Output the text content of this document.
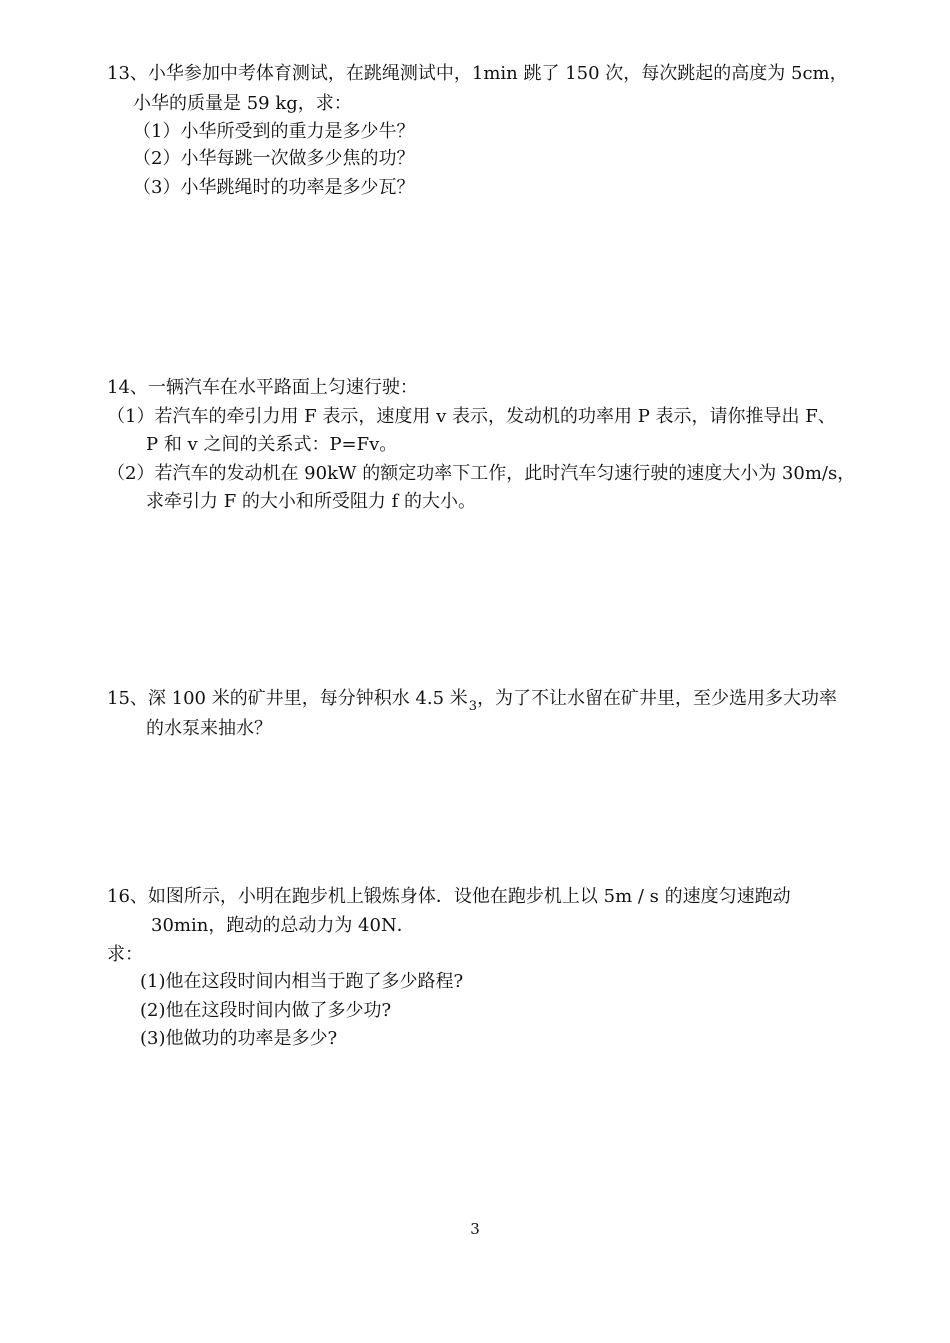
13、小华参加中考体育测试，在跳绳测试中，1min 跳了 150 次，每次跳起的高度为 5cm，
小华的质量是 59 kg，求：
（1）小华所受到的重力是多少牛？
（2）小华每跳一次做多少焦的功？
（3）小华跳绳时的功率是多少瓦？
14、一辆汽车在水平路面上匀速行驶：
（1）若汽车的牵引力用 F 表示，速度用 v 表示，发动机的功率用 P 表示，请你推导出 F、
P 和 v 之间的关系式：P=Fv。
（2）若汽车的发动机在 90kW 的额定功率下工作，此时汽车匀速行驶的速度大小为 30m/s，
求牵引力 F 的大小和所受阻力 f 的大小。
15、深 100 米的矿井里，每分钟积水 4.5 米$_3$，为了不让水留在矿井里，至少选用多大功率
的水泵来抽水？
16、如图所示，小明在跑步机上锻炼身体．设他在跑步机上以 5m / s 的速度匀速跑动
30min，跑动的总动力为 40N．
求：
(1)他在这段时间内相当于跑了多少路程?
(2)他在这段时间内做了多少功?
(3)他做功的功率是多少?
3
